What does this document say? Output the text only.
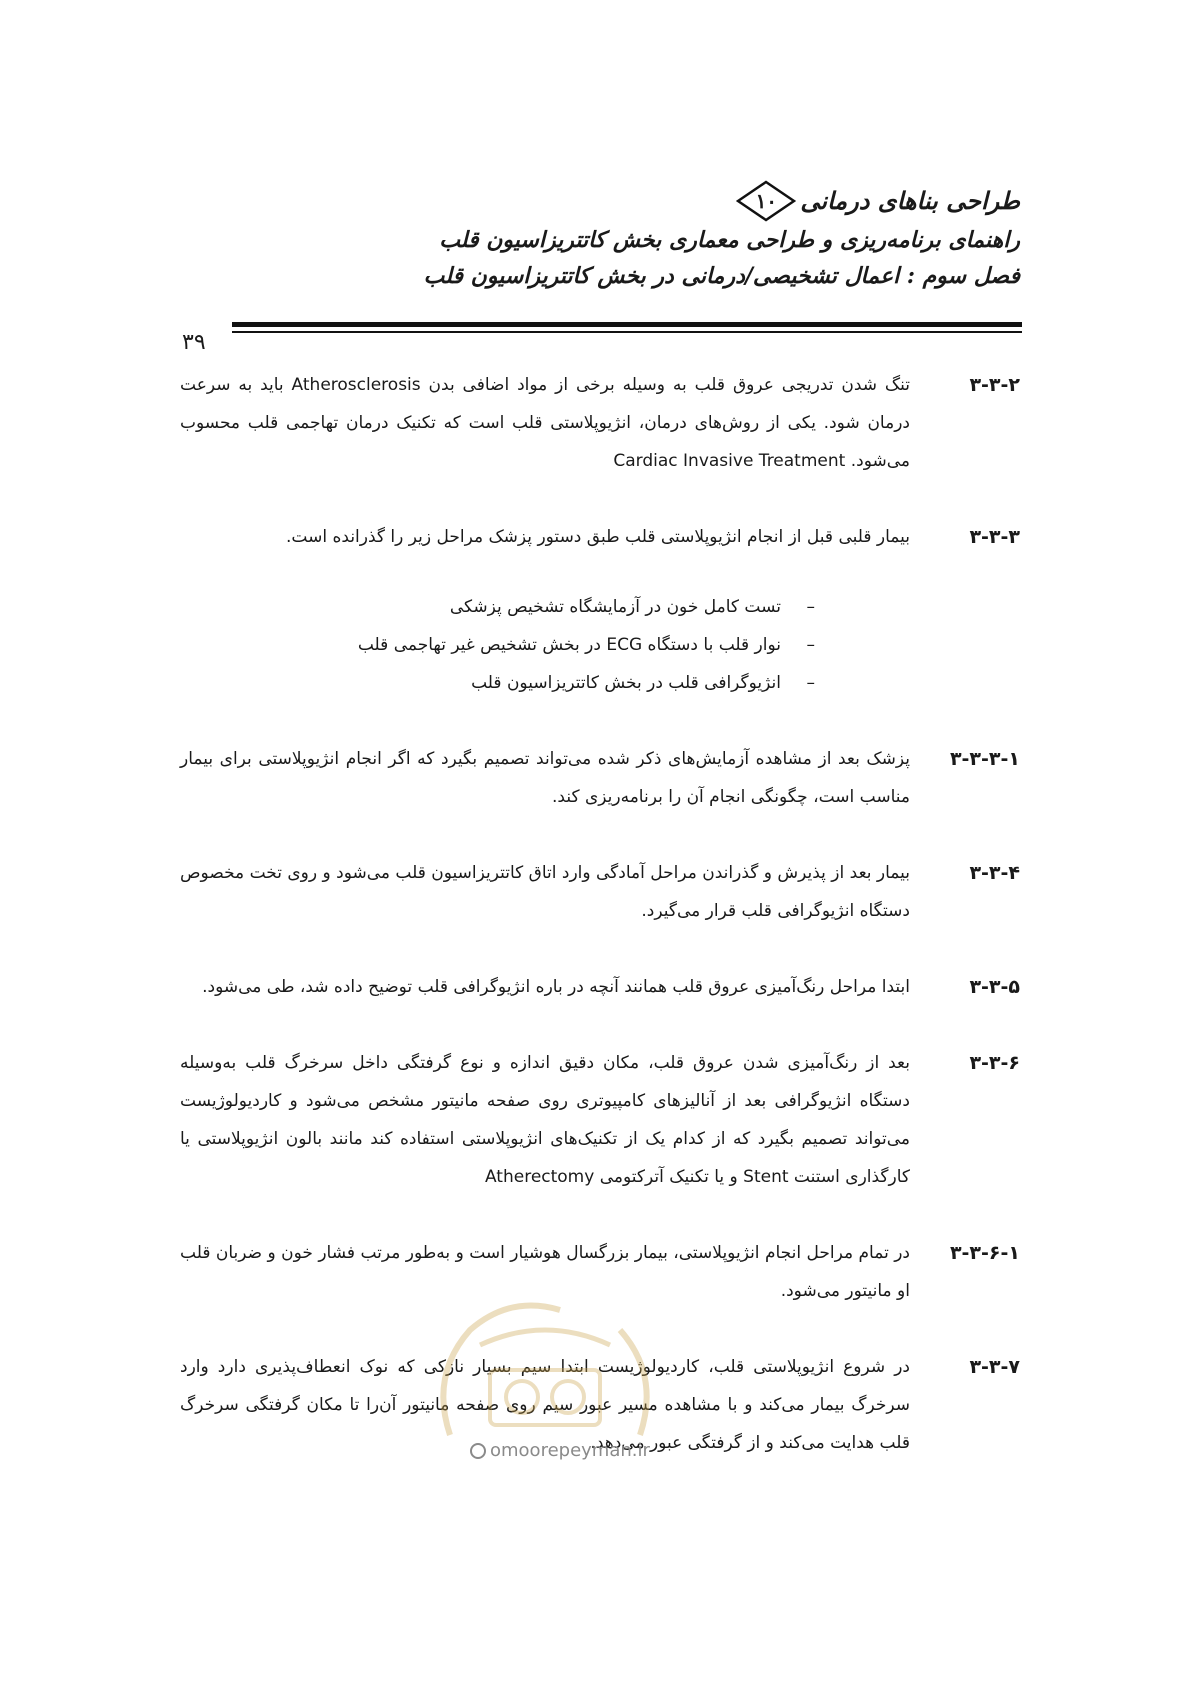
طراحی بناهای درمانی
۱۰
راهنمای برنامه‌ریزی و طراحی معماری بخش کاتتریزاسیون قلب
فصل سوم : اعمال تشخیصی/درمانی در بخش کاتتریزاسیون قلب
۳۹
۳-۳-۲
تنگ شدن تدریجی عروق قلب به وسیله برخی از مواد اضافی بدن Atherosclerosis باید به سرعت درمان شود. یکی از روش‌های درمان، انژیوپلاستی قلب است که تکنیک درمان تهاجمی قلب محسوب می‌شود. Cardiac Invasive Treatment
۳-۳-۳
بیمار قلبی قبل از انجام انژیوپلاستی قلب طبق دستور پزشک مراحل زیر را گذرانده است.
–تست کامل خون در آزمایشگاه تشخیص پزشکی
–نوار قلب با دستگاه ECG در بخش تشخیص غیر تهاجمی قلب
–انژیوگرافی قلب در بخش کاتتریزاسیون قلب
۳-۳-۳-۱
پزشک بعد از مشاهده آزمایش‌های ذکر شده می‌تواند تصمیم بگیرد که اگر انجام انژیوپلاستی برای بیمار مناسب است، چگونگی انجام آن را برنامه‌ریزی کند.
۳-۳-۴
بیمار بعد از پذیرش و گذراندن مراحل آمادگی وارد اتاق کاتتریزاسیون قلب می‌شود و روی تخت مخصوص دستگاه انژیوگرافی قلب قرار می‌گیرد.
۳-۳-۵
ابتدا مراحل رنگ‌آمیزی عروق قلب همانند آنچه در باره انژیوگرافی قلب توضیح داده شد، طی می‌شود.
۳-۳-۶
بعد از رنگ‌آمیزی شدن عروق قلب، مکان دقیق اندازه و نوع گرفتگی داخل سرخرگ قلب به‌وسیله دستگاه انژیوگرافی بعد از آنالیزهای کامپیوتری روی صفحه مانیتور مشخص می‌شود و کاردیولوژیست می‌تواند تصمیم بگیرد که از کدام یک از تکنیک‌های انژیوپلاستی استفاده کند مانند بالون انژیوپلاستی یا کارگذاری استنت Stent و یا تکنیک آترکتومی Atherectomy
۳-۳-۶-۱
در تمام مراحل انجام انژیوپلاستی، بیمار بزرگسال هوشیار است و به‌طور مرتب فشار خون و ضربان قلب او مانیتور می‌شود.
۳-۳-۷
در شروع انژیوپلاستی قلب، کاردیولوژیست ابتدا سیم بسیار نازکی که نوک انعطاف‌پذیری دارد وارد سرخرگ بیمار می‌کند و با مشاهده مسیر عبور سیم روی صفحه مانیتور آن‌را تا مکان گرفتگی سرخرگ قلب هدایت می‌کند و از گرفتگی عبور می‌دهد.
omoorepeyman.ir
